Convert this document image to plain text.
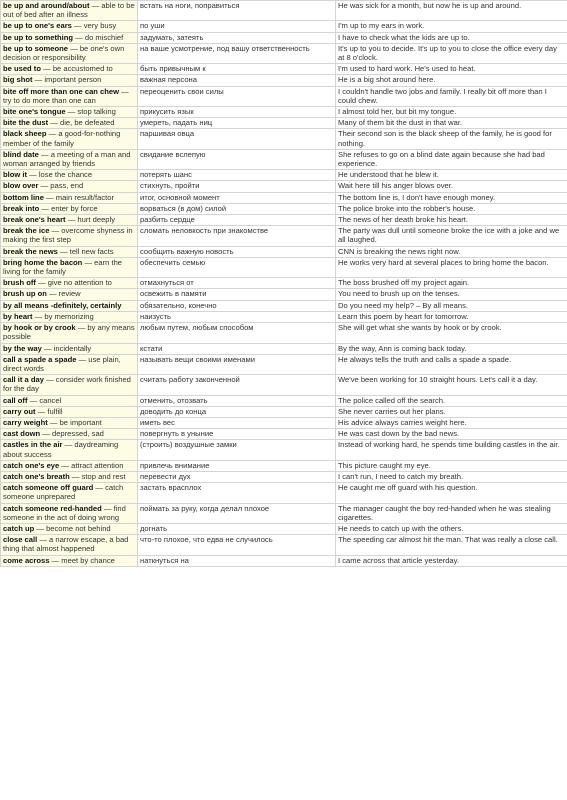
be up and around/about — able to be out of bed after an illness	встать на ноги, поправиться	He was sick for a month, but now he is up and around.
be up to one's ears — very busy	по уши	I'm up to my ears in work.
be up to something — do mischief	задумать, затеять	I have to check what the kids are up to.
be up to someone — be one's own decision or responsibility	на ваше усмотрение, под вашу ответственность	It's up to you to decide. It's up to you to close the office every day at 8 o'clock.
be used to — be accustomed to	быть привычным к	I'm used to hard work. He's used to heat.
big shot — important person	важная персона	He is a big shot around here.
bite off more than one can chew — try to do more than one can	переоценить свои силы	I couldn't handle two jobs and family. I really bit off more than I could chew.
bite one's tongue — stop talking	прикусить язык	I almost told her, but bit my tongue.
bite the dust — die, be defeated	умереть, падать ниц	Many of them bit the dust in that war.
black sheep — a good-for-nothing member of the family	паршивая овца	Their second son is the black sheep of the family, he is good for nothing.
blind date — a meeting of a man and woman arranged by friends	свидание вслепую	She refuses to go on a blind date again because she had bad experience.
blow it — lose the chance	потерять шанс	He understood that he blew it.
blow over — pass, end	стихнуть, пройти	Wait here till his anger blows over.
bottom line — main result/factor	итог, основной момент	The bottom line is, I don't have enough money.
break into — enter by force	ворваться (в дом) силой	The police broke into the robber's house.
break one's heart — hurt deeply	разбить сердце	The news of her death broke his heart.
break the ice — overcome shyness in making the first step	сломать неловкость при знакомстве	The party was dull until someone broke the ice with a joke and we all laughed.
break the news — tell new facts	сообщить важную новость	CNN is breaking the news right now.
bring home the bacon — earn the living for the family	обеспечить семью	He works very hard at several places to bring home the bacon.
brush off — give no attention to	отмахнуться от	The boss brushed off my project again.
brush up on — review	освежить в памяти	You need to brush up on the tenses.
by all means -definitely, certainly	обязательно, конечно	Do you need my help? – By all means.
by heart — by memorizing	наизусть	Learn this poem by heart for tomorrow.
by hook or by crook — by any means possible	любым путем, любым способом	She will get what she wants by hook or by crook.
by the way — incidentally	кстати	By the way, Ann is coming back today.
call a spade a spade — use plain, direct words	называть вещи своими именами	He always tells the truth and calls a spade a spade.
call it a day — consider work finished for the day	считать работу законченной	We've been working for 10 straight hours. Let's call it a day.
call off — cancel	отменить, отозвать	The police called off the search.
carry out — fulfill	доводить до конца	She never carries out her plans.
carry weight — be important	иметь вес	His advice always carries weight here.
cast down — depressed, sad	повергнуть в уныние	He was cast down by the bad news.
castles in the air — daydreaming about success	(строить) воздушные замки	Instead of working hard, he spends time building castles in the air.
catch one's eye — attract attention	привлечь внимание	This picture caught my eye.
catch one's breath — stop and rest	перевести дух	I can't run, I need to catch my breath.
catch someone off guard — catch someone unprepared	застать врасплох	He caught me off guard with his question.
catch someone red-handed — find someone in the act of doing wrong	поймать за руку, когда делал плохое	The manager caught the boy red-handed when he was stealing cigarettes.
catch up — become not behind	догнать	He needs to catch up with the others.
close call — a narrow escape, a bad thing that almost happened	что-то плохое, что едва не случилось	The speeding car almost hit the man. That was really a close call.
come across — meet by chance	наткнуться на	I came across that article yesterday.
